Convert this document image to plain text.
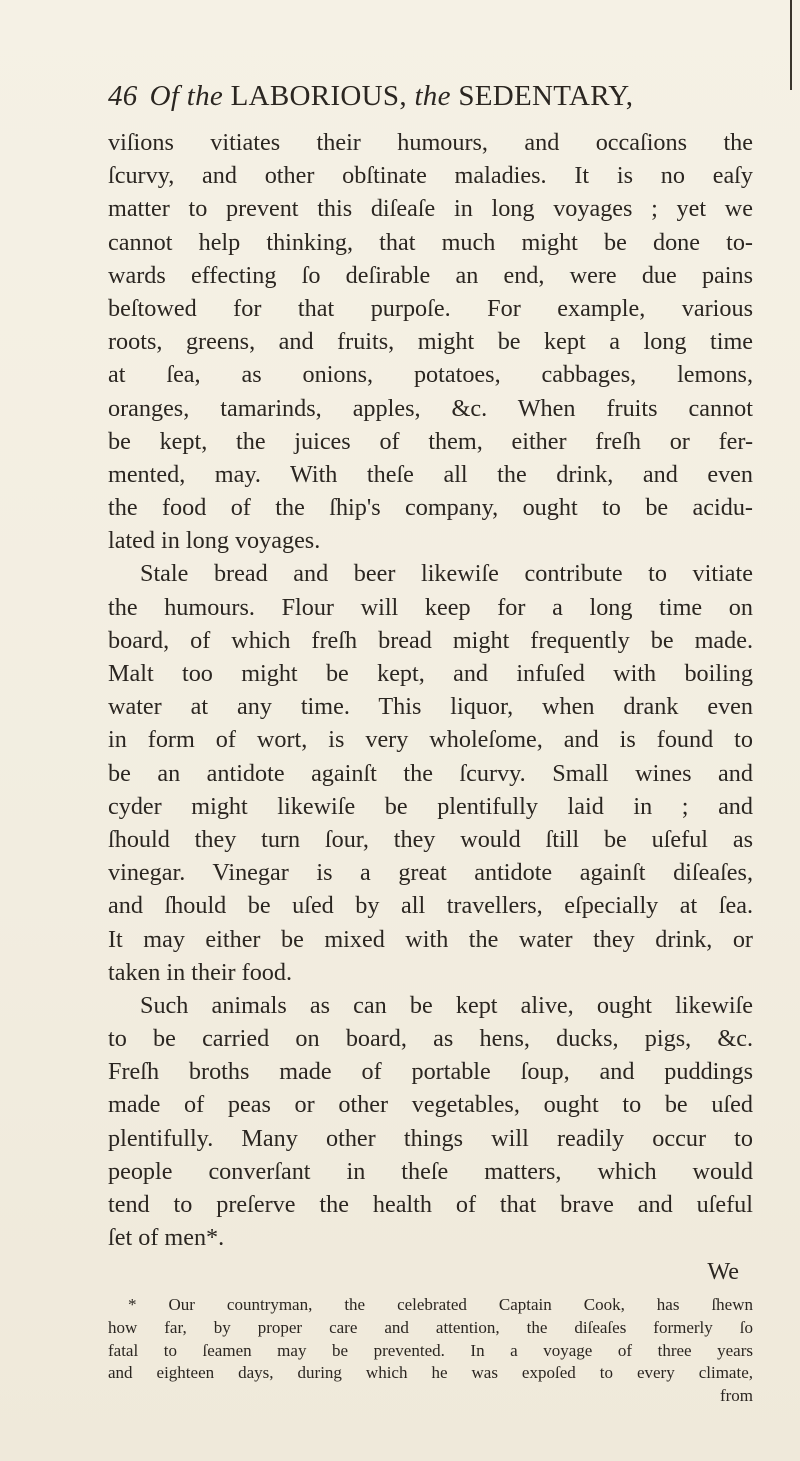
46 Of the LABORIOUS, the SEDENTARY,
viſions vitiates their humours, and occaſions the
ſcurvy, and other obſtinate maladies. It is no eaſy
matter to prevent this diſeaſe in long voyages ; yet we
cannot help thinking, that much might be done to-
wards effecting ſo deſirable an end, were due pains
beſtowed for that purpoſe. For example, various
roots, greens, and fruits, might be kept a long time
at ſea, as onions, potatoes, cabbages, lemons,
oranges, tamarinds, apples, &c. When fruits cannot
be kept, the juices of them, either freſh or fer-
mented, may. With theſe all the drink, and even
the food of the ſhip's company, ought to be acidu-
lated in long voyages.
Stale bread and beer likewiſe contribute to vitiate
the humours. Flour will keep for a long time on
board, of which freſh bread might frequently be made.
Malt too might be kept, and infuſed with boiling
water at any time. This liquor, when drank even
in form of wort, is very wholeſome, and is found to
be an antidote againſt the ſcurvy. Small wines and
cyder might likewiſe be plentifully laid in ; and
ſhould they turn ſour, they would ſtill be uſeful as
vinegar. Vinegar is a great antidote againſt diſeaſes,
and ſhould be uſed by all travellers, eſpecially at ſea.
It may either be mixed with the water they drink, or
taken in their food.
Such animals as can be kept alive, ought likewiſe
to be carried on board, as hens, ducks, pigs, &c.
Freſh broths made of portable ſoup, and puddings
made of peas or other vegetables, ought to be uſed
plentifully. Many other things will readily occur to
people converſant in theſe matters, which would
tend to preſerve the health of that brave and uſeful
ſet of men*.
We
* Our countryman, the celebrated Captain Cook, has ſhewn
how far, by proper care and attention, the diſeaſes formerly ſo
fatal to ſeamen may be prevented. In a voyage of three years
and eighteen days, during which he was expoſed to every climate,
from
